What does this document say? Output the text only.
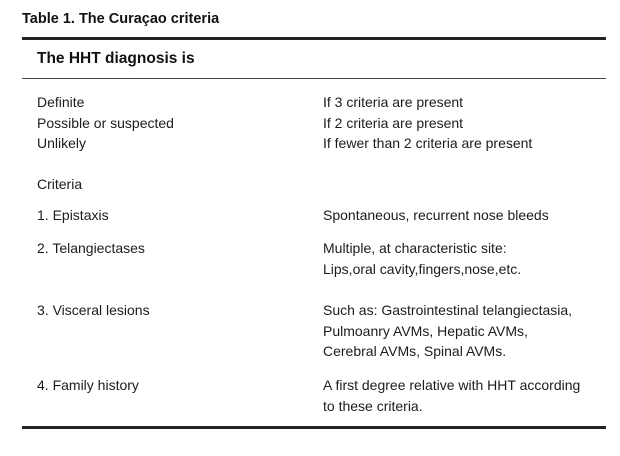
Table 1. The Curaçao criteria
The HHT diagnosis is
Definite	If 3 criteria are present
Possible or suspected	If 2 criteria are present
Unlikely	If fewer than 2 criteria are present
Criteria
1. Epistaxis	Spontaneous, recurrent nose bleeds
2. Telangiectases	Multiple, at characteristic site:
Lips,oral cavity,fingers,nose,etc.
3. Visceral lesions	Such as: Gastrointestinal telangiectasia,
Pulmoanry AVMs, Hepatic AVMs,
Cerebral AVMs, Spinal AVMs.
4. Family history	A first degree relative with HHT according
to these criteria.
